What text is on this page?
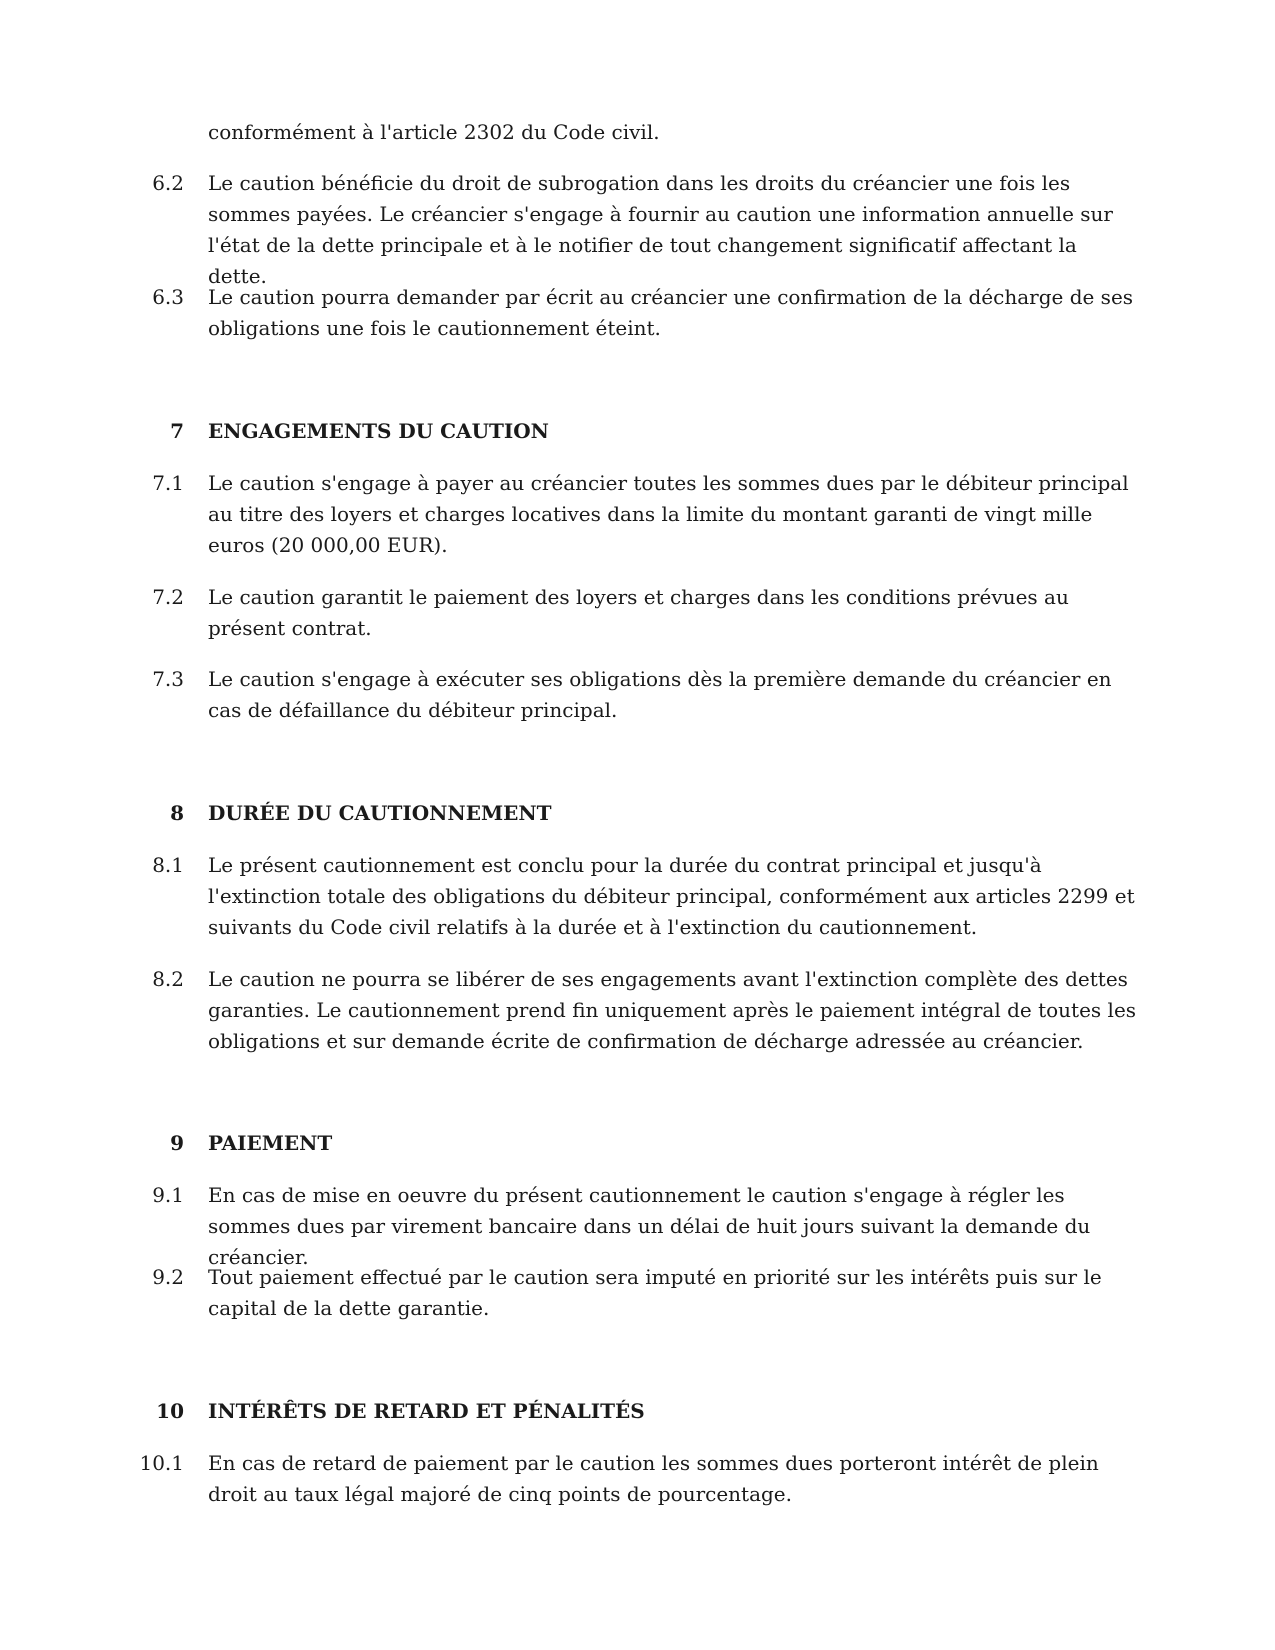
conformément à l'article 2302 du Code civil.
6.2 Le caution bénéficie du droit de subrogation dans les droits du créancier une fois les sommes payées. Le créancier s'engage à fournir au caution une information annuelle sur l'état de la dette principale et à le notifier de tout changement significatif affectant la dette.
6.3 Le caution pourra demander par écrit au créancier une confirmation de la décharge de ses obligations une fois le cautionnement éteint.
7 ENGAGEMENTS DU CAUTION
7.1 Le caution s'engage à payer au créancier toutes les sommes dues par le débiteur principal au titre des loyers et charges locatives dans la limite du montant garanti de vingt mille euros (20 000,00 EUR).
7.2 Le caution garantit le paiement des loyers et charges dans les conditions prévues au présent contrat.
7.3 Le caution s'engage à exécuter ses obligations dès la première demande du créancier en cas de défaillance du débiteur principal.
8 DURÉE DU CAUTIONNEMENT
8.1 Le présent cautionnement est conclu pour la durée du contrat principal et jusqu'à l'extinction totale des obligations du débiteur principal, conformément aux articles 2299 et suivants du Code civil relatifs à la durée et à l'extinction du cautionnement.
8.2 Le caution ne pourra se libérer de ses engagements avant l'extinction complète des dettes garanties. Le cautionnement prend fin uniquement après le paiement intégral de toutes les obligations et sur demande écrite de confirmation de décharge adressée au créancier.
9 PAIEMENT
9.1 En cas de mise en oeuvre du présent cautionnement le caution s'engage à régler les sommes dues par virement bancaire dans un délai de huit jours suivant la demande du créancier.
9.2 Tout paiement effectué par le caution sera imputé en priorité sur les intérêts puis sur le capital de la dette garantie.
10 INTÉRÊTS DE RETARD ET PÉNALITÉS
10.1 En cas de retard de paiement par le caution les sommes dues porteront intérêt de plein droit au taux légal majoré de cinq points de pourcentage.
